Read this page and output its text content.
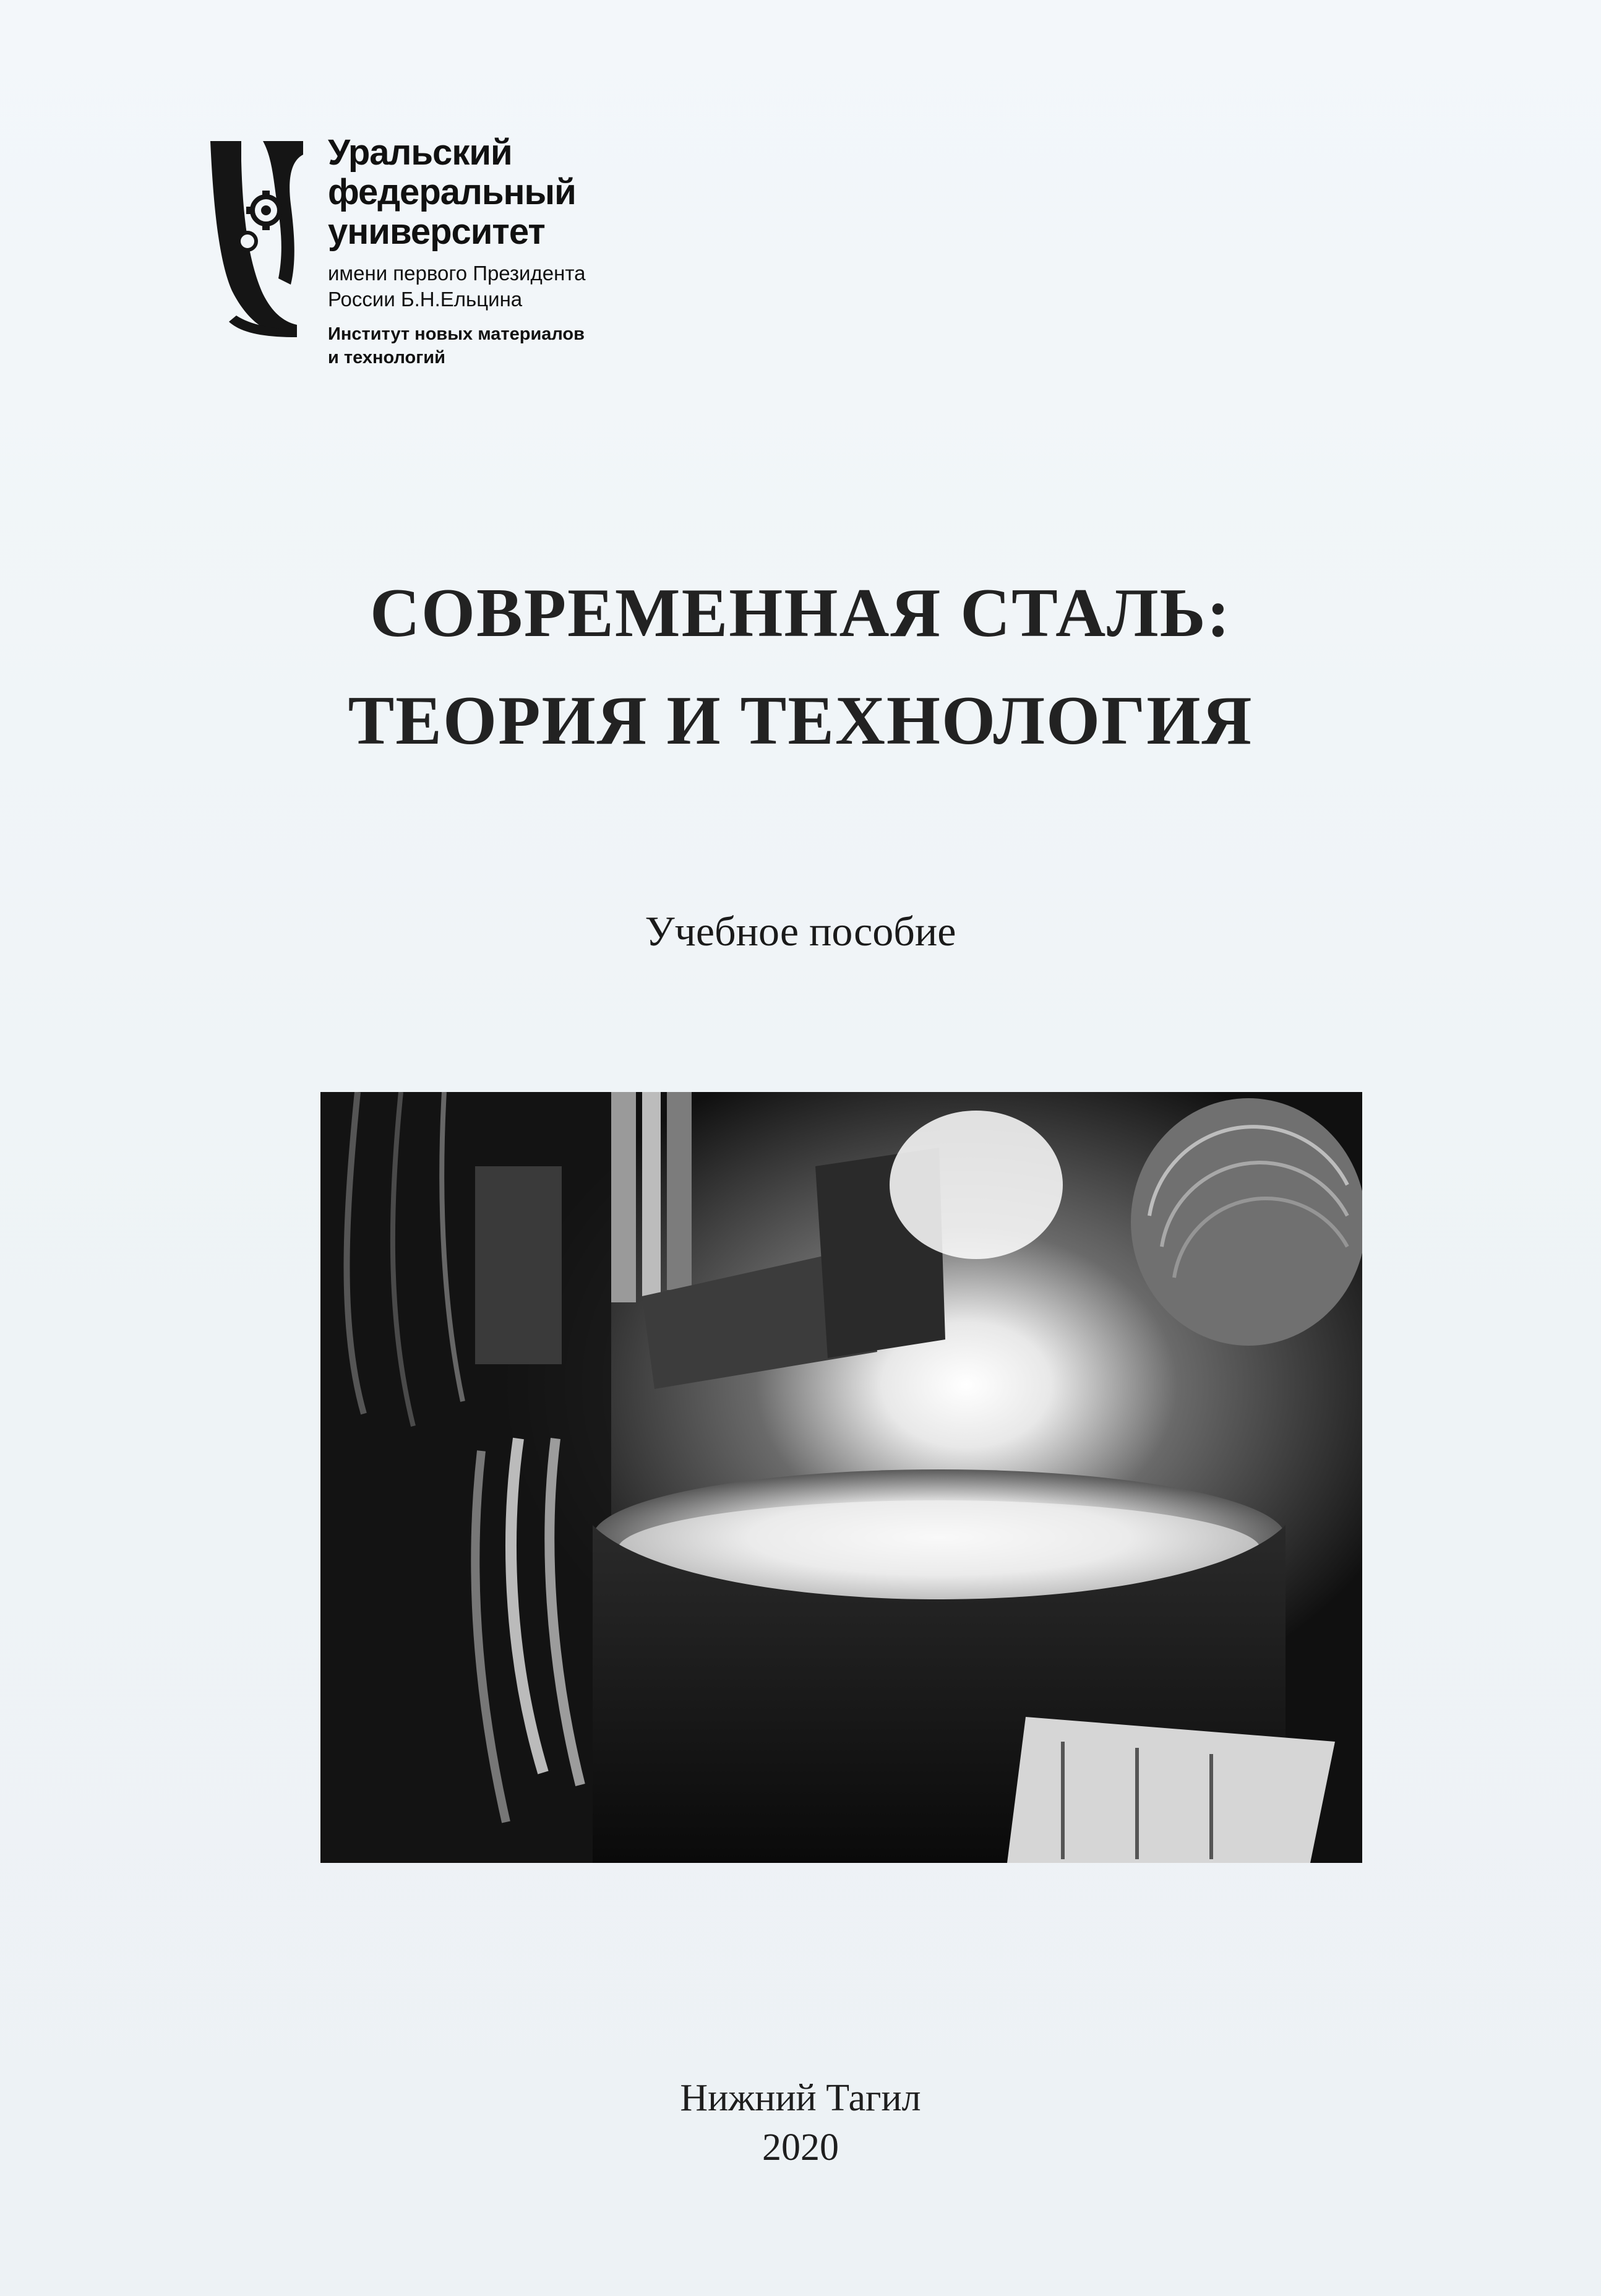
Уральский
федеральный
университет
имени первого Президента
России Б.Н.Ельцина
Институт новых материалов
и технологий
СОВРЕМЕННАЯ СТАЛЬ:
ТЕОРИЯ И ТЕХНОЛОГИЯ
Учебное пособие
Нижний Тагил
2020
